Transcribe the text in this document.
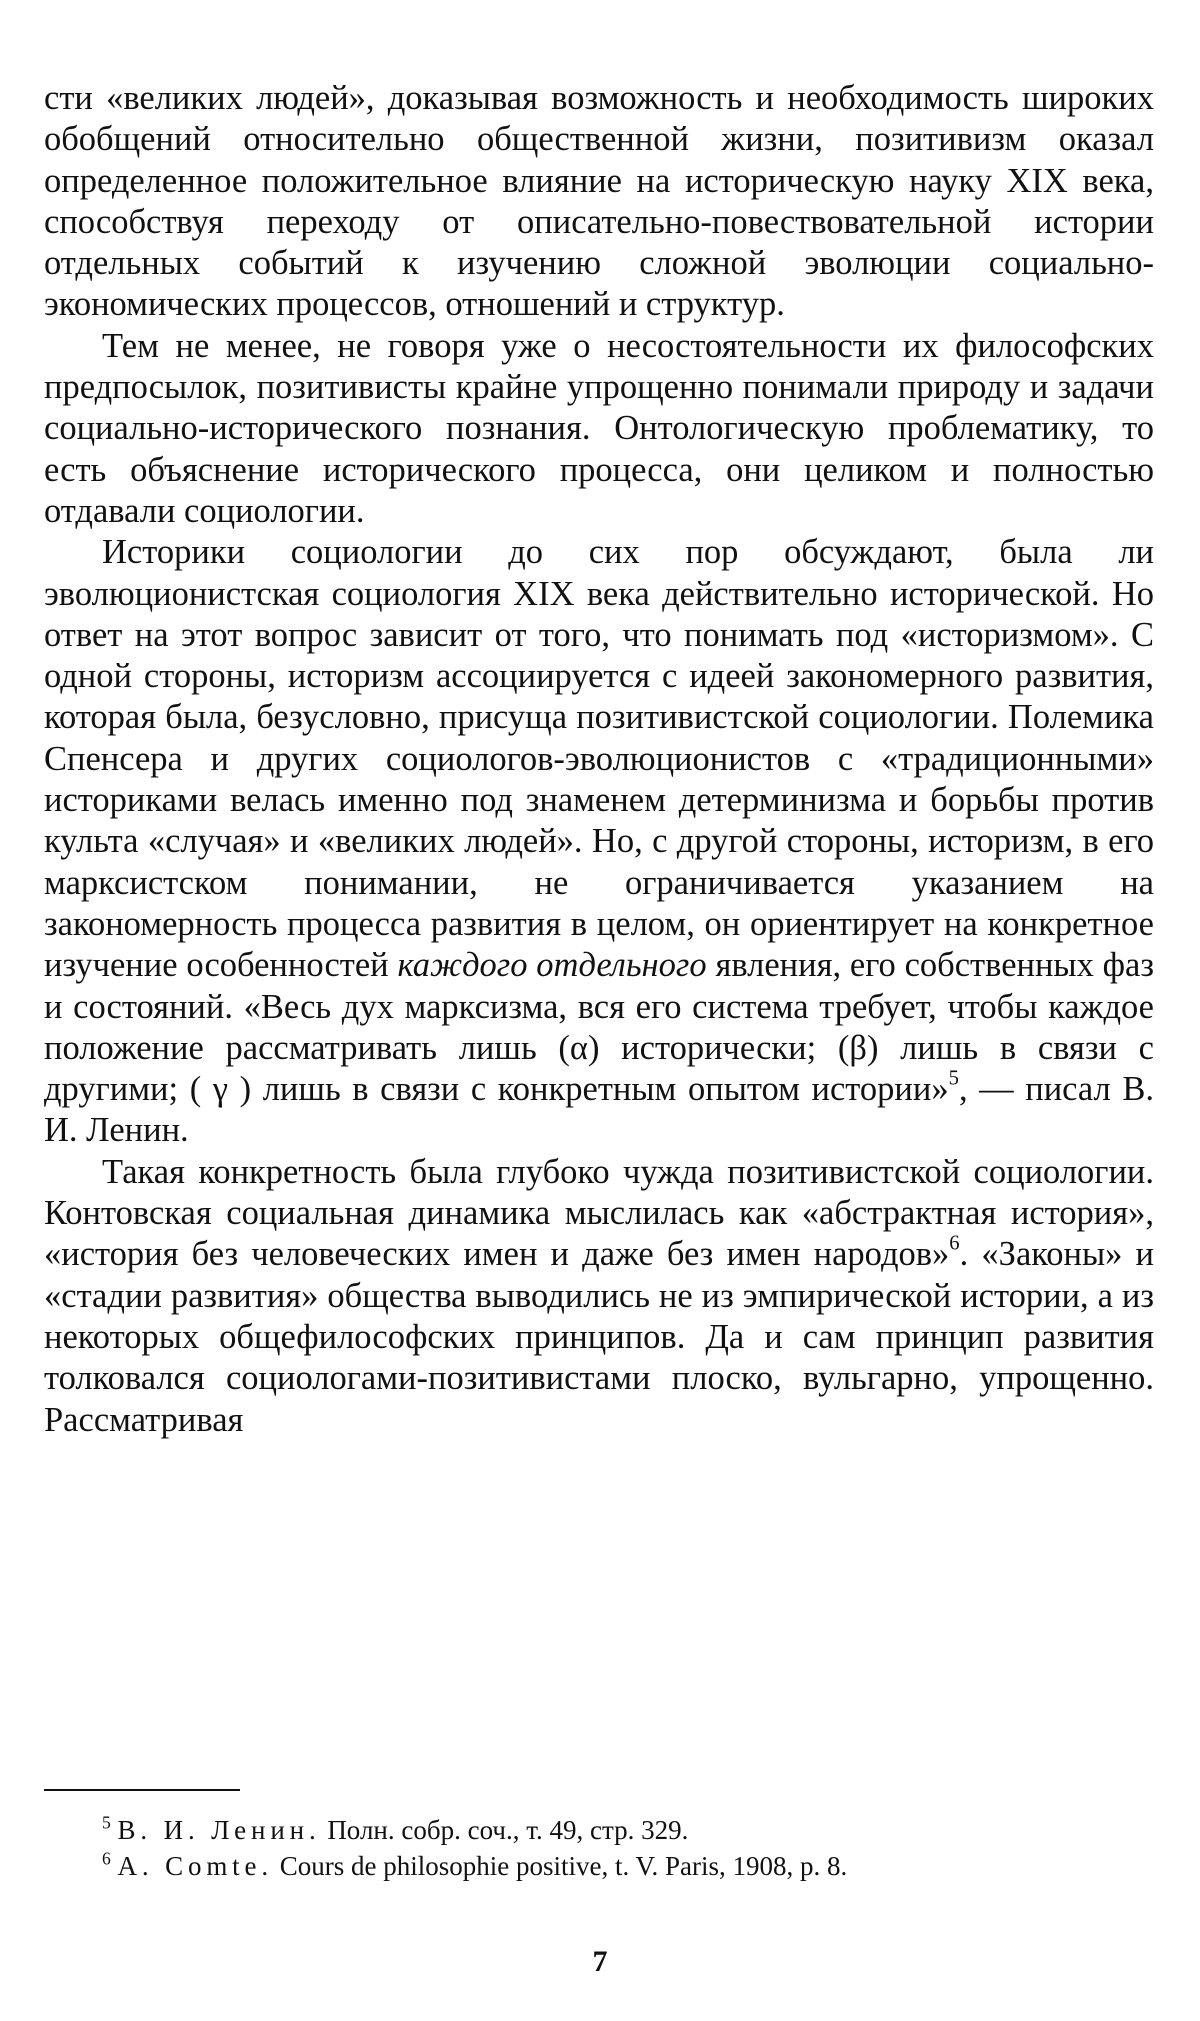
сти «великих людей», доказывая возможность и необходимость широких обобщений относительно общественной жизни, позитивизм оказал определенное положительное влияние на историческую науку XIX века, способствуя переходу от описательно-повествовательной истории отдельных событий к изучению сложной эволюции социально-экономических процессов, отношений и структур.

Тем не менее, не говоря уже о несостоятельности их философских предпосылок, позитивисты крайне упрощенно понимали природу и задачи социально-исторического познания. Онтологическую проблематику, то есть объяснение исторического процесса, они целиком и полностью отдавали социологии.

Историки социологии до сих пор обсуждают, была ли эволюционистская социология XIX века действительно исторической. Но ответ на этот вопрос зависит от того, что понимать под «историзмом». С одной стороны, историзм ассоциируется с идеей закономерного развития, которая была, безусловно, присуща позитивистской социологии. Полемика Спенсера и других социологов-эволюционистов с «традиционными» историками велась именно под знаменем детерминизма и борьбы против культа «случая» и «великих людей». Но, с другой стороны, историзм, в его марксистском понимании, не ограничивается указанием на закономерность процесса развития в целом, он ориентирует на конкретное изучение особенностей каждого отдельного явления, его собственных фаз и состояний. «Весь дух марксизма, вся его система требует, чтобы каждое положение рассматривать лишь (α) исторически; (β) лишь в связи с другими; ( γ ) лишь в связи с конкретным опытом истории»$^5$, — писал В. И. Ленин.

Такая конкретность была глубоко чужда позитивистской социологии. Контовская социальная динамика мыслилась как «абстрактная история», «история без человеческих имен и даже без имен народов»$^6$. «Законы» и «стадии развития» общества выводились не из эмпирической истории, а из некоторых общефилософских принципов. Да и сам принцип развития толковался социологами-позитивистами плоско, вульгарно, упрощенно. Рассматривая

$^5$ В. И. Ленин. Полн. собр. соч., т. 49, стр. 329.

$^6$ A. Comte. Cours de philosophie positive, t. V. Paris, 1908, p. 8.

7
